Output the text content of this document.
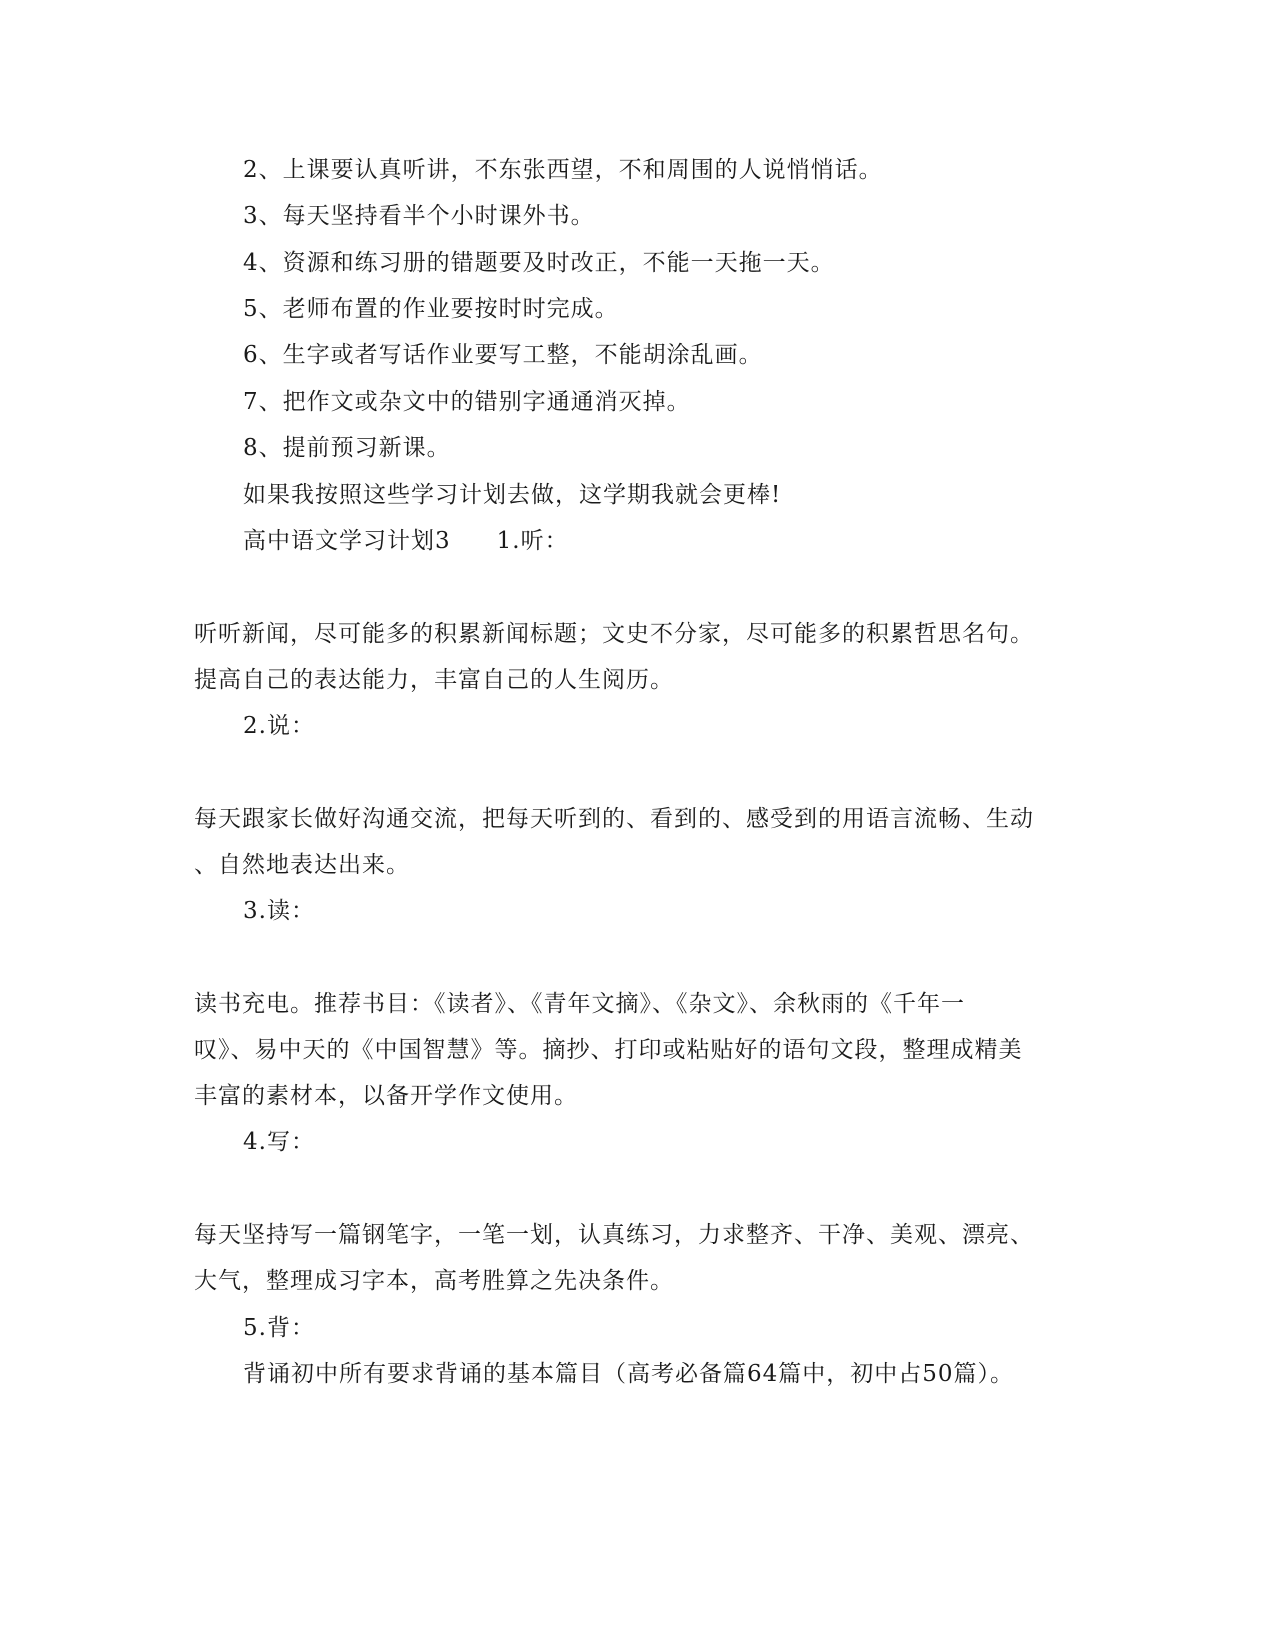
2、上课要认真听讲，不东张西望，不和周围的人说悄悄话。
3、每天坚持看半个小时课外书。
4、资源和练习册的错题要及时改正，不能一天拖一天。
5、老师布置的作业要按时时完成。
6、生字或者写话作业要写工整，不能胡涂乱画。
7、把作文或杂文中的错别字通通消灭掉。
8、提前预习新课。
如果我按照这些学习计划去做，这学期我就会更棒!
高中语文学习计划3 1.听：
听听新闻，尽可能多的积累新闻标题；文史不分家，尽可能多的积累哲思名句。
提高自己的表达能力，丰富自己的人生阅历。
2.说：
每天跟家长做好沟通交流，把每天听到的、看到的、感受到的用语言流畅、生动
、自然地表达出来。
3.读：
读书充电。推荐书目：《读者》、《青年文摘》、《杂文》、余秋雨的《千年一
叹》、易中天的《中国智慧》等。摘抄、打印或粘贴好的语句文段，整理成精美
丰富的素材本，以备开学作文使用。
4.写：
每天坚持写一篇钢笔字，一笔一划，认真练习，力求整齐、干净、美观、漂亮、
大气，整理成习字本，高考胜算之先决条件。
5.背：
背诵初中所有要求背诵的基本篇目（高考必备篇64篇中，初中占50篇）。
